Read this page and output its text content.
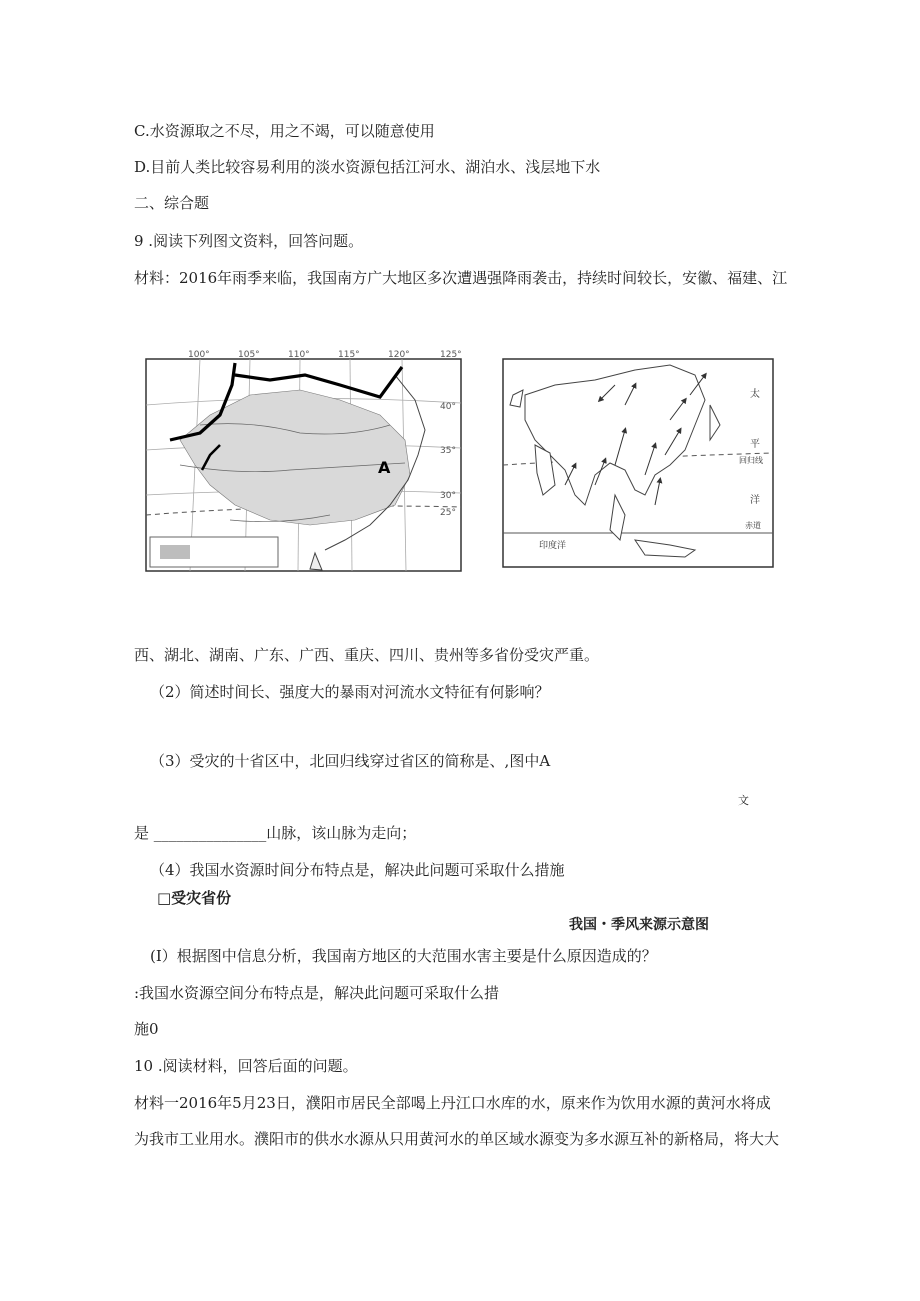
C.水资源取之不尽，用之不竭，可以随意使用
D.目前人类比较容易利用的淡水资源包括江河水、湖泊水、浅层地下水
二、综合题
9 .阅读下列图文资料，回答问题。
材料：2016年雨季来临，我国南方广大地区多次遭遇强降雨袭击，持续时间较长，安徽、福建、江
100°	105°	110°	115°	120°	125°
40°
35°
30°
25°
A
太
平
回归线
洋
赤道
印度洋
西、湖北、湖南、广东、广西、重庆、四川、贵州等多省份受灾严重。
（2）简述时间长、强度大的暴雨对河流水文特征有何影响？
（3）受灾的十省区中，北回归线穿过省区的简称是、,图中A
文
是 _______________山脉，该山脉为走向；
（4）我国水资源时间分布特点是，解决此问题可采取什么措施
□受灾省份
我国・季风来源示意图
(I）根据图中信息分析，我国南方地区的大范围水害主要是什么原因造成的？
:我国水资源空间分布特点是，解决此问题可采取什么措
施0
10 .阅读材料，回答后面的问题。
材料一2016年5月23日，濮阳市居民全部喝上丹江口水库的水，原来作为饮用水源的黄河水将成
为我市工业用水。濮阳市的供水水源从只用黄河水的单区域水源变为多水源互补的新格局，将大大
